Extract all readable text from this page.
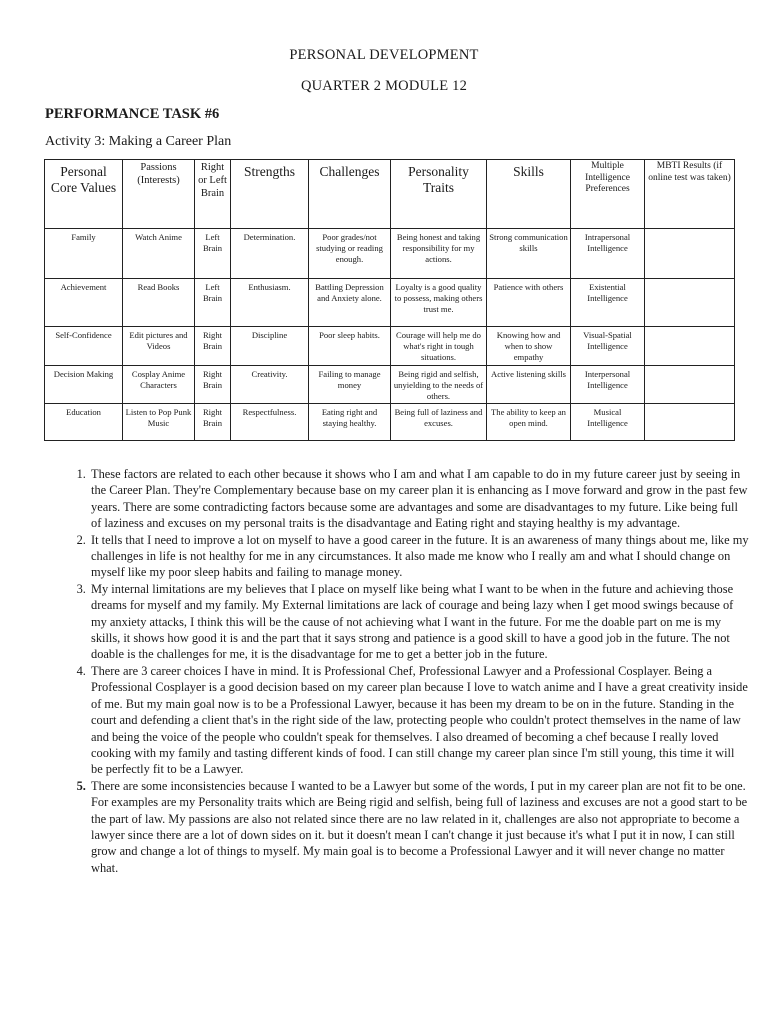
PERSONAL DEVELOPMENT
QUARTER 2 MODULE 12
PERFORMANCE TASK #6
Activity 3: Making a Career Plan
Personal Core Values	Passions (Interests)	Right or Left Brain	Strengths	Challenges	Personality Traits	Skills	Multiple Intelligence Preferences	MBTI Results (if online test was taken)
Family	Watch Anime	Left Brain	Determination.	Poor grades/not studying or reading enough.	Being honest and taking responsibility for my actions.	Strong communication skills	Intrapersonal Intelligence	
Achievement	Read Books	Left Brain	Enthusiasm.	Battling Depression and Anxiety alone.	Loyalty is a good quality to possess, making others trust me.	Patience with others	Existential Intelligence	
Self-Confidence	Edit pictures and Videos	Right Brain	Discipline	Poor sleep habits.	Courage will help me do what's right in tough situations.	Knowing how and when to show empathy	Visual-Spatial Intelligence	
Decision Making	Cosplay Anime Characters	Right Brain	Creativity.	Failing to manage money	Being rigid and selfish, unyielding to the needs of others.	Active listening skills	Interpersonal Intelligence	
Education	Listen to Pop Punk Music	Right Brain	Respectfulness.	Eating right and staying healthy.	Being full of laziness and excuses.	The ability to keep an open mind.	Musical Intelligence	
1. These factors are related to each other because it shows who I am and what I am capable to do in my future career just by seeing in the Career Plan. They're Complementary because base on my career plan it is enhancing as I move forward and grow in the past few years. There are some contradicting factors because some are advantages and some are disadvantages to my future. Like being full of laziness and excuses on my personal traits is the disadvantage and Eating right and staying healthy is my advantage.
2. It tells that I need to improve a lot on myself to have a good career in the future. It is an awareness of many things about me, like my challenges in life is not healthy for me in any circumstances. It also made me know who I really am and what I should change on myself like my poor sleep habits and failing to manage money.
3. My internal limitations are my believes that I place on myself like being what I want to be when in the future and achieving those dreams for myself and my family. My External limitations are lack of courage and being lazy when I get mood swings because of my anxiety attacks, I think this will be the cause of not achieving what I want in the future. For me the doable part on me is my skills, it shows how good it is and the part that it says strong and patience is a good skill to have a good job in the future. The not doable is the challenges for me, it is the disadvantage for me to get a better job in the future.
4. There are 3 career choices I have in mind. It is Professional Chef, Professional Lawyer and a Professional Cosplayer. Being a Professional Cosplayer is a good decision based on my career plan because I love to watch anime and I have a great creativity inside of me. But my main goal now is to be a Professional Lawyer, because it has been my dream to be on in the future. Standing in the court and defending a client that's in the right side of the law, protecting people who couldn't protect themselves in the name of law and being the voice of the people who couldn't speak for themselves. I also dreamed of becoming a chef because I really loved cooking with my family and tasting different kinds of food. I can still change my career plan since I'm still young, this time it will be perfectly fit to be a Lawyer.
5. There are some inconsistencies because I wanted to be a Lawyer but some of the words, I put in my career plan are not fit to be one. For examples are my Personality traits which are Being rigid and selfish, being full of laziness and excuses are not a good start to be the part of law. My passions are also not related since there are no law related in it, challenges are also not appropriate to become a lawyer since there are a lot of down sides on it. but it doesn't mean I can't change it just because it's what I put it in now, I can still grow and change a lot of things to myself. My main goal is to become a Professional Lawyer and it will never change no matter what.
